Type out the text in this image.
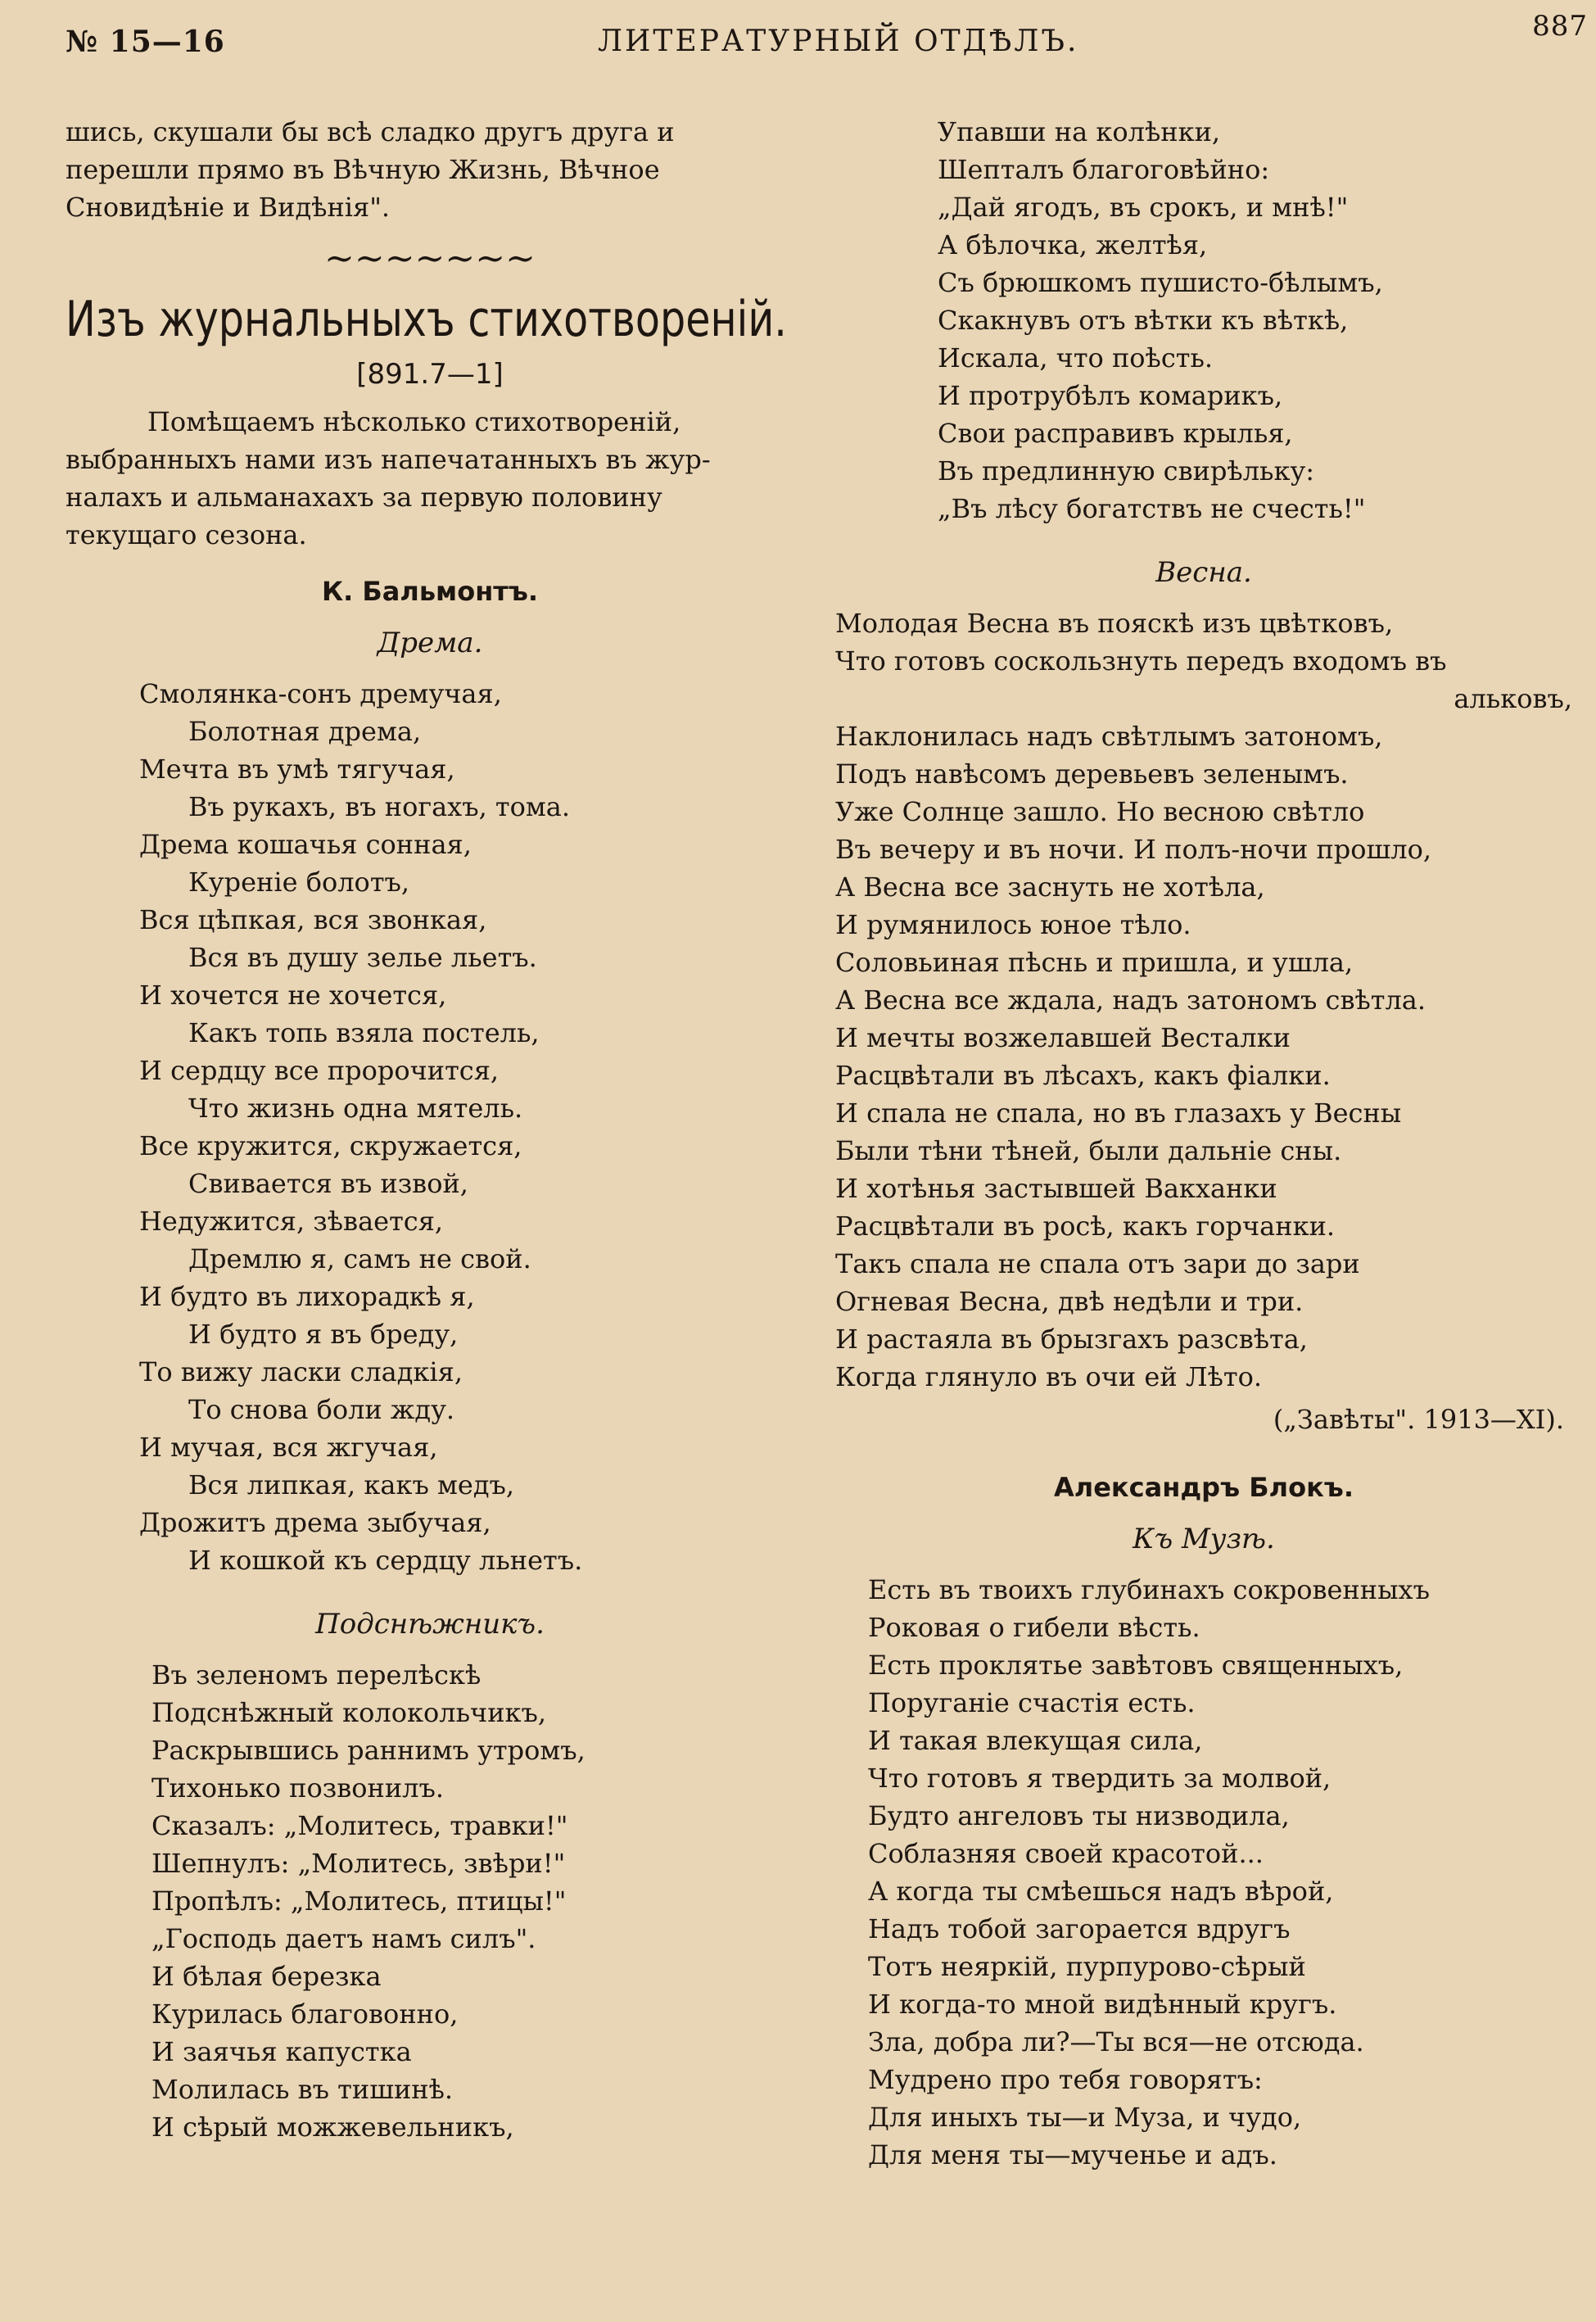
№ 15—16	ЛИТЕРАТУРНЫЙ ОТДѢЛЪ.	887
шись, скушали бы всѣ сладко другъ друга и
перешли прямо въ Вѣчную Жизнь, Вѣчное
Сновидѣніе и Видѣнія".
~~~~~~~
Изъ журнальныхъ стихотвореній.
[891.7—1]
Помѣщаемъ нѣсколько стихотвореній,
выбранныхъ нами изъ напечатанныхъ въ жур-
налахъ и альманахахъ за первую половину
текущаго сезона.
К. Бальмонтъ.
Дрема.
Смолянка-сонъ дремучая,
Болотная дрема,
Мечта въ умѣ тягучая,
Въ рукахъ, въ ногахъ, тома.
Дрема кошачья сонная,
Куреніе болотъ,
Вся цѣпкая, вся звонкая,
Вся въ душу зелье льетъ.
И хочется не хочется,
Какъ топь взяла постель,
И сердцу все пророчится,
Что жизнь одна мятель.
Все кружится, скружается,
Свивается въ извой,
Недужится, зѣвается,
Дремлю я, самъ не свой.
И будто въ лихорадкѣ я,
И будто я въ бреду,
То вижу ласки сладкія,
То снова боли жду.
И мучая, вся жгучая,
Вся липкая, какъ медъ,
Дрожитъ дрема зыбучая,
И кошкой къ сердцу льнетъ.
Подснѣжникъ.
Въ зеленомъ перелѣскѣ
Подснѣжный колокольчикъ,
Раскрывшись раннимъ утромъ,
Тихонько позвонилъ.
Сказалъ: „Молитесь, травки!"
Шепнулъ: „Молитесь, звѣри!"
Пропѣлъ: „Молитесь, птицы!"
„Господь даетъ намъ силъ".
И бѣлая березка
Курилась благовонно,
И заячья капустка
Молилась въ тишинѣ.
И сѣрый можжевельникъ,
Упавши на колѣнки,
Шепталъ благоговѣйно:
„Дай ягодъ, въ срокъ, и мнѣ!"
А бѣлочка, желтѣя,
Съ брюшкомъ пушисто-бѣлымъ,
Скакнувъ отъ вѣтки къ вѣткѣ,
Искала, что поѣсть.
И протрубѣлъ комарикъ,
Свои расправивъ крылья,
Въ предлинную свирѣльку:
„Въ лѣсу богатствъ не счесть!"
Весна.
Молодая Весна въ пояскѣ изъ цвѣтковъ,
Что готовъ соскользнуть передъ входомъ въ
альковъ,
Наклонилась надъ свѣтлымъ затономъ,
Подъ навѣсомъ деревьевъ зеленымъ.
Уже Солнце зашло. Но весною свѣтло
Въ вечеру и въ ночи. И полъ-ночи прошло,
А Весна все заснуть не хотѣла,
И румянилось юное тѣло.
Соловьиная пѣснь и пришла, и ушла,
А Весна все ждала, надъ затономъ свѣтла.
И мечты возжелавшей Весталки
Расцвѣтали въ лѣсахъ, какъ фіалки.
И спала не спала, но въ глазахъ у Весны
Были тѣни тѣней, были дальніе сны.
И хотѣнья застывшей Вакханки
Расцвѣтали въ росѣ, какъ горчанки.
Такъ спала не спала отъ зари до зари
Огневая Весна, двѣ недѣли и три.
И растаяла въ брызгахъ разсвѣта,
Когда глянуло въ очи ей Лѣто.
(„Завѣты". 1913—XI).
Александръ Блокъ.
Къ Музѣ.
Есть въ твоихъ глубинахъ сокровенныхъ
Роковая о гибели вѣсть.
Есть проклятье завѣтовъ священныхъ,
Поруганіе счастія есть.
И такая влекущая сила,
Что готовъ я твердить за молвой,
Будто ангеловъ ты низводила,
Соблазняя своей красотой...
А когда ты смѣешься надъ вѣрой,
Надъ тобой загорается вдругъ
Тотъ неяркій, пурпурово-сѣрый
И когда-то мной видѣнный кругъ.
Зла, добра ли?—Ты вся—не отсюда.
Мудрено про тебя говорятъ:
Для иныхъ ты—и Муза, и чудо,
Для меня ты—мученье и адъ.
